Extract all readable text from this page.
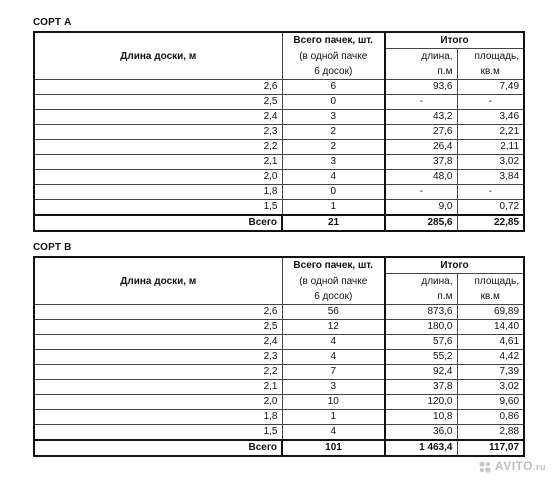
СОРТ А
Длина доски, м	Всего пачек, шт.	Итого	
	(в одной пачке	длина,	площадь,
	6 досок)	п.м	кв.м
2,6	6	93,6	7,49
2,5	0	-	-
2,4	3	43,2	3,46
2,3	2	27,6	2,21
2,2	2	26,4	2,11
2,1	3	37,8	3,02
2,0	4	48,0	3,84
1,8	0	-	-
1,5	1	9,0	0,72
Всего	21	285,6	22,85
СОРТ В
Длина доски, м	Всего пачек, шт.	Итого	
	(в одной пачке	длина,	площадь,
	6 досок)	п.м	кв.м
2,6	56	873,6	69,89
2,5	12	180,0	14,40
2,4	4	57,6	4,61
2,3	4	55,2	4,42
2,2	7	92,4	7,39
2,1	3	37,8	3,02
2,0	10	120,0	9,60
1,8	1	10,8	0,86
1,5	4	36,0	2,88
Всего	101	1 463,4	117,07
AVITO.ru
